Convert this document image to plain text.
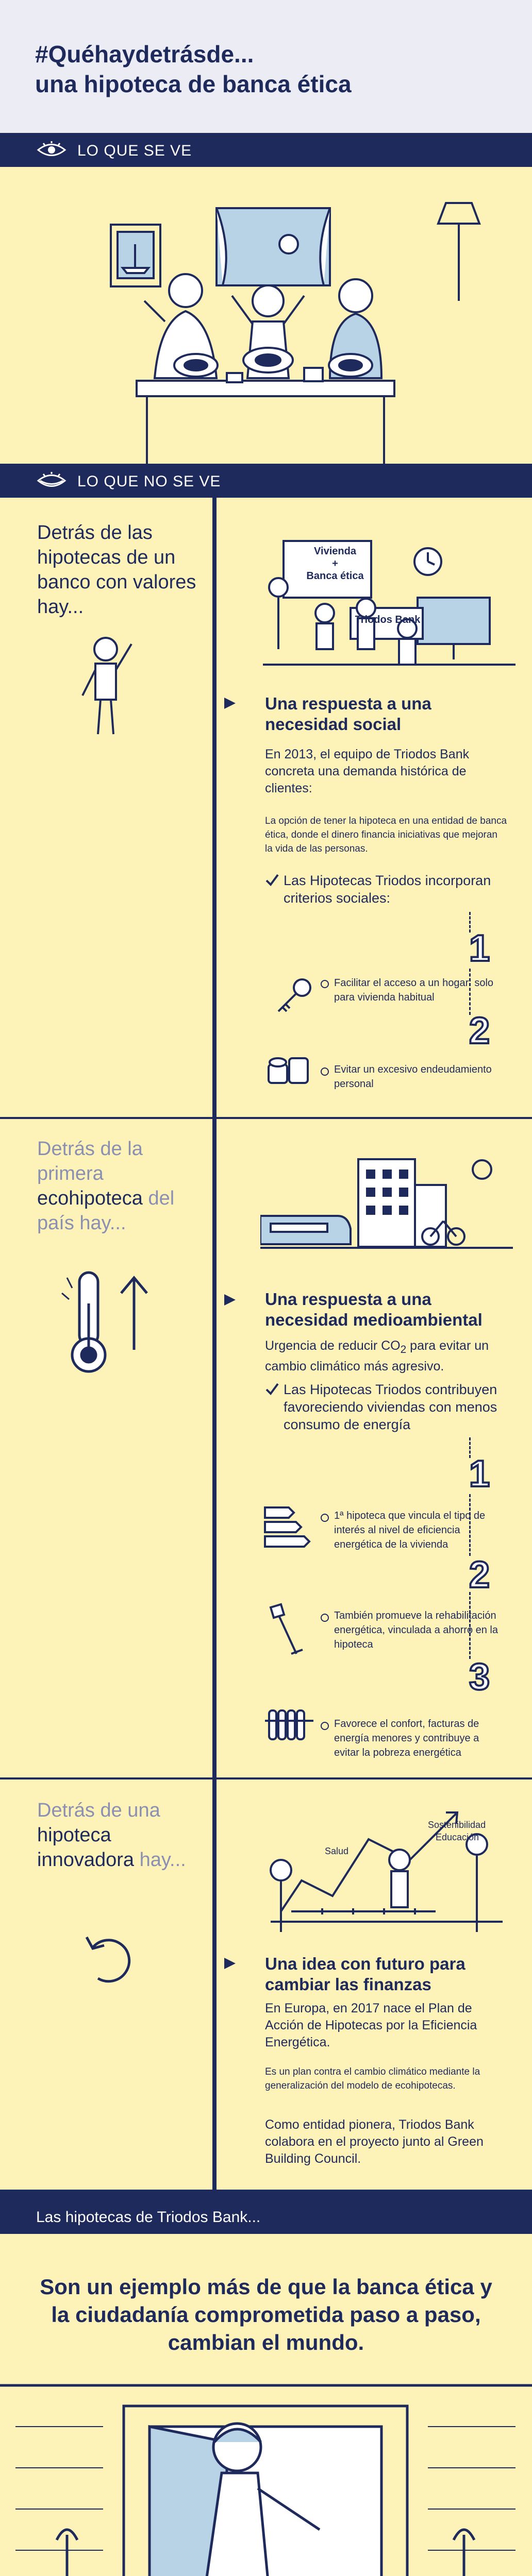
#Quéhaydetrásde...
una hipoteca de banca ética
LO QUE SE VE
LO QUE NO SE VE
Detrás de las hipotecas de un banco con valores hay...
Vivienda
+
Banca ética
Triodos Bank
Una respuesta a una necesidad social
En 2013, el equipo de Triodos Bank concreta una demanda histórica de clientes:
La opción de tener la hipoteca en una entidad de banca ética, donde el dinero financia iniciativas que mejoran la vida de las personas.
Las Hipotecas Triodos incorporan criterios sociales:
1
Facilitar el acceso a un hogar: solo para vivienda habitual
2
Evitar un excesivo endeudamiento personal
Detrás de la primera ecohipoteca del país hay...
Una respuesta a una necesidad medioambiental
Urgencia de reducir $CO_2$ para evitar un cambio climático más agresivo.
Las Hipotecas Triodos contribuyen favoreciendo viviendas con menos consumo de energía
1
1ª hipoteca que vincula el tipo de interés al nivel de eficiencia energética de la vivienda
2
También promueve la rehabilitación energética, vinculada a ahorro en la hipoteca
3
Favorece el confort, facturas de energía menores y contribuye a evitar la pobreza energética
Detrás de una hipoteca innovadora hay...	Salud
Sostenibilidad
Educación
Una idea con futuro para cambiar las finanzas
En Europa, en 2017 nace el Plan de Acción de Hipotecas por la Eficiencia Energética.
Es un plan contra el cambio climático mediante la generalización del modelo de ecohipotecas.
Como entidad pionera, Triodos Bank colabora en el proyecto junto al Green Building Council.
Las hipotecas de Triodos Bank...
Son un ejemplo más de que la banca ética y la ciudadanía comprometida paso a paso, cambian el mundo.
